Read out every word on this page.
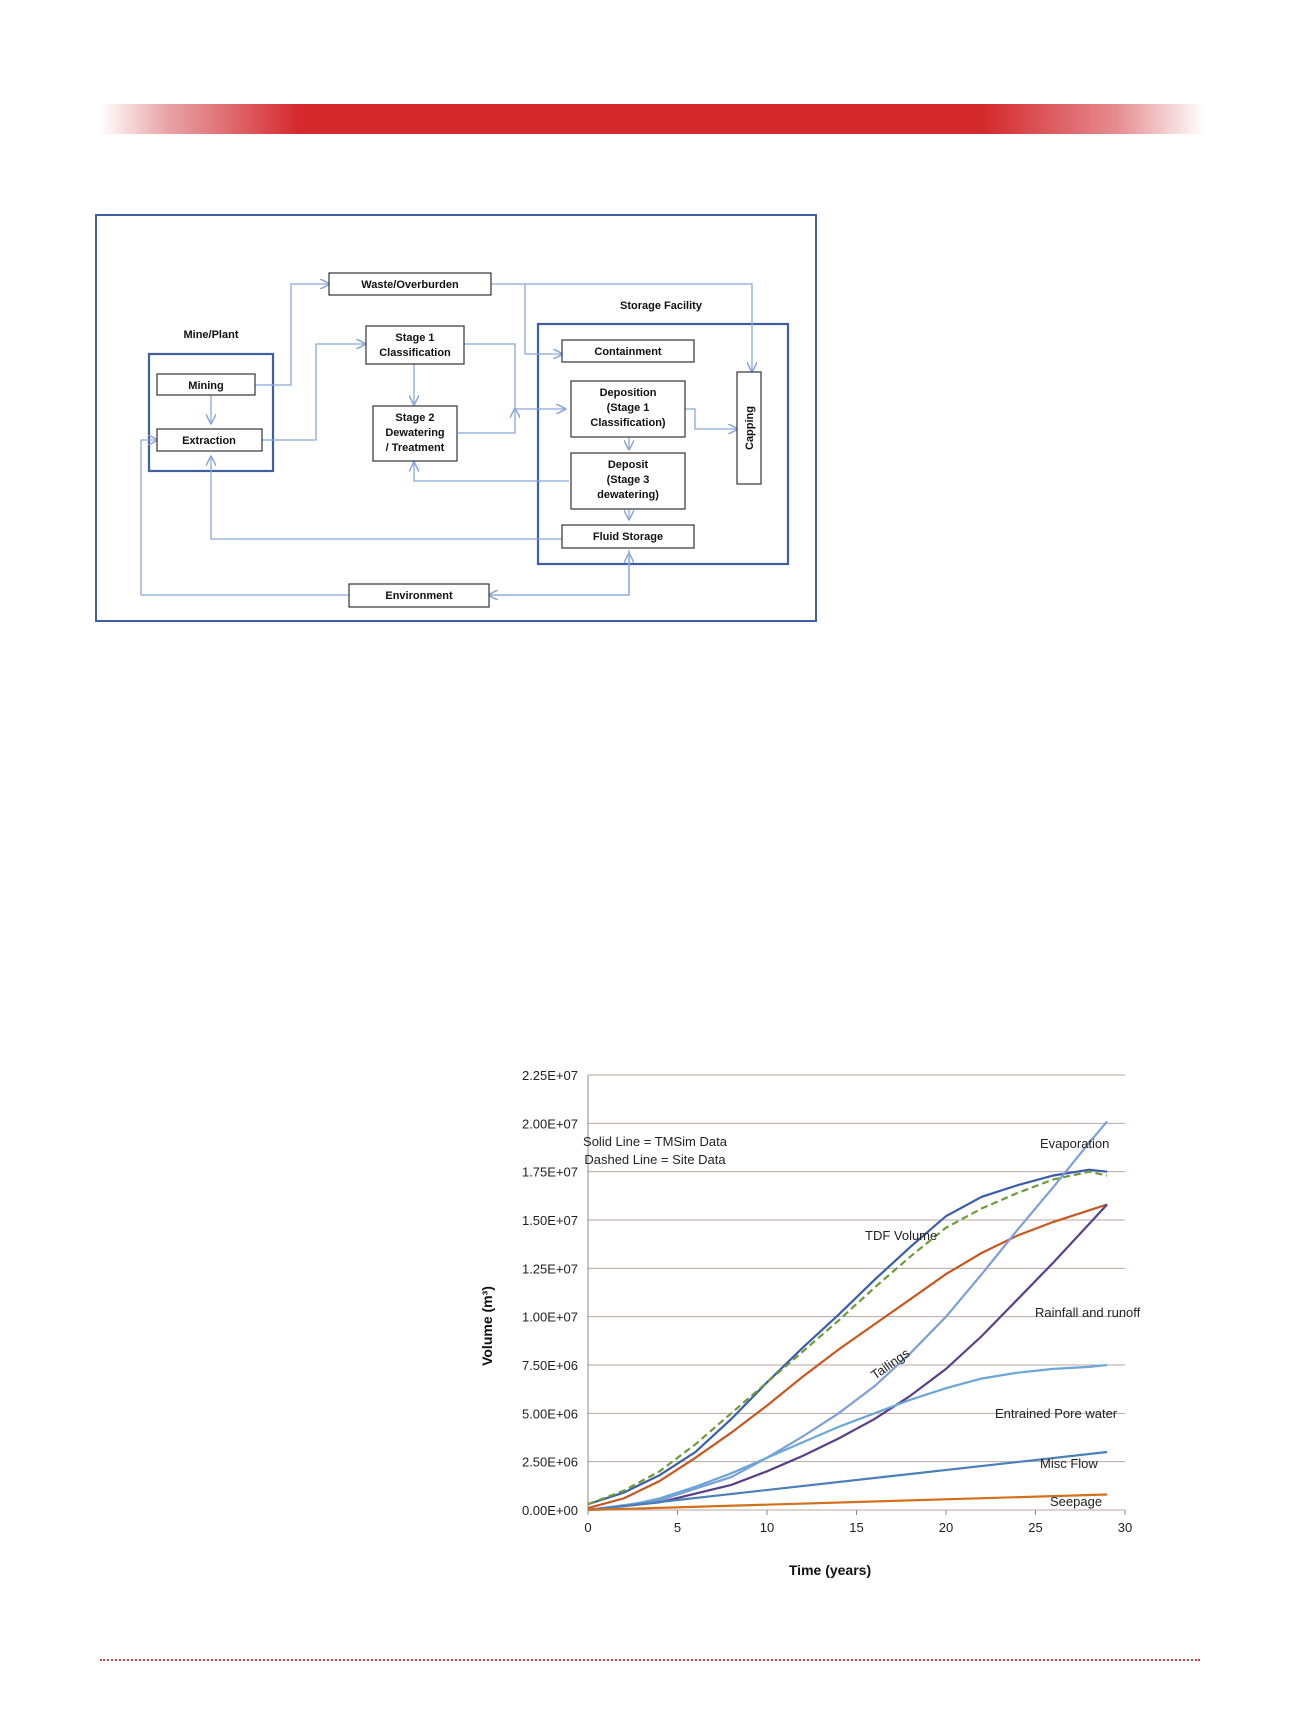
Mine/Plant
Storage Facility
Waste/Overburden
Mining
Extraction
Stage 1
Classification
Stage 2
Dewatering
/ Treatment
Containment
Deposition
(Stage 1
Classification)
Deposit
(Stage 3
dewatering)
Fluid Storage
Capping
Environment
0.00E+00
2.50E+06
5.00E+06
7.50E+06
1.00E+07
1.25E+07
1.50E+07
1.75E+07
2.00E+07
2.25E+07
0	5	10	15	20	25	30
Solid Line = TMSim Data
Dashed Line = Site Data
Time (years)
Volume (m³)
Evaporation
TDF Volume
Rainfall and runoff
Tailings
Entrained Pore water
Misc Flow
Seepage
